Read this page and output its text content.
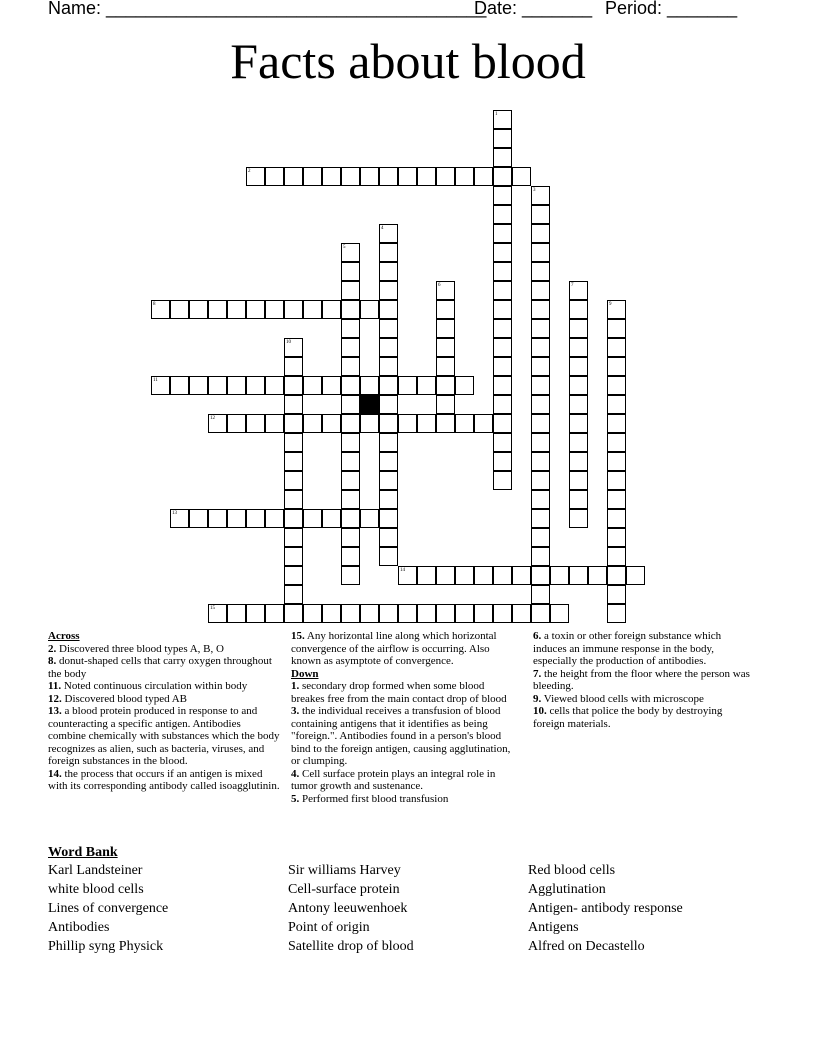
Name: ______________________________________
Date: _______ Period: _______
Facts about blood
1
2
3
4
5
6	7
8	9
10
11
12
13
14
15
Across
2. Discovered three blood types A, B, O
8. donut-shaped cells that carry oxygen throughout the body
11. Noted continuous circulation within body
12. Discovered blood typed AB
13. a blood protein produced in response to and counteracting a specific antigen. Antibodies combine chemically with substances which the body recognizes as alien, such as bacteria, viruses, and foreign substances in the blood.
14. the process that occurs if an antigen is mixed with its corresponding antibody called isoagglutinin.
15. Any horizontal line along which horizontal convergence of the airflow is occurring. Also known as asymptote of convergence.
Down
1. secondary drop formed when some blood breakes free from the main contact drop of blood
3. the individual receives a transfusion of blood containing antigens that it identifies as being "foreign.". Antibodies found in a person's blood bind to the foreign antigen, causing agglutination, or clumping.
4. Cell surface protein plays an integral role in tumor growth and sustenance.
5. Performed first blood transfusion
6. a toxin or other foreign substance which induces an immune response in the body, especially the production of antibodies.
7. the height from the floor where the person was bleeding.
9. Viewed blood cells with microscope
10. cells that police the body by destroying foreign materials.
Word Bank
Karl Landsteiner
white blood cells
Lines of convergence
Antibodies
Phillip syng Physick
Sir williams Harvey
Cell-surface protein
Antony leeuwenhoek
Point of origin
Satellite drop of blood
Red blood cells
Agglutination
Antigen- antibody response
Antigens
Alfred on Decastello
